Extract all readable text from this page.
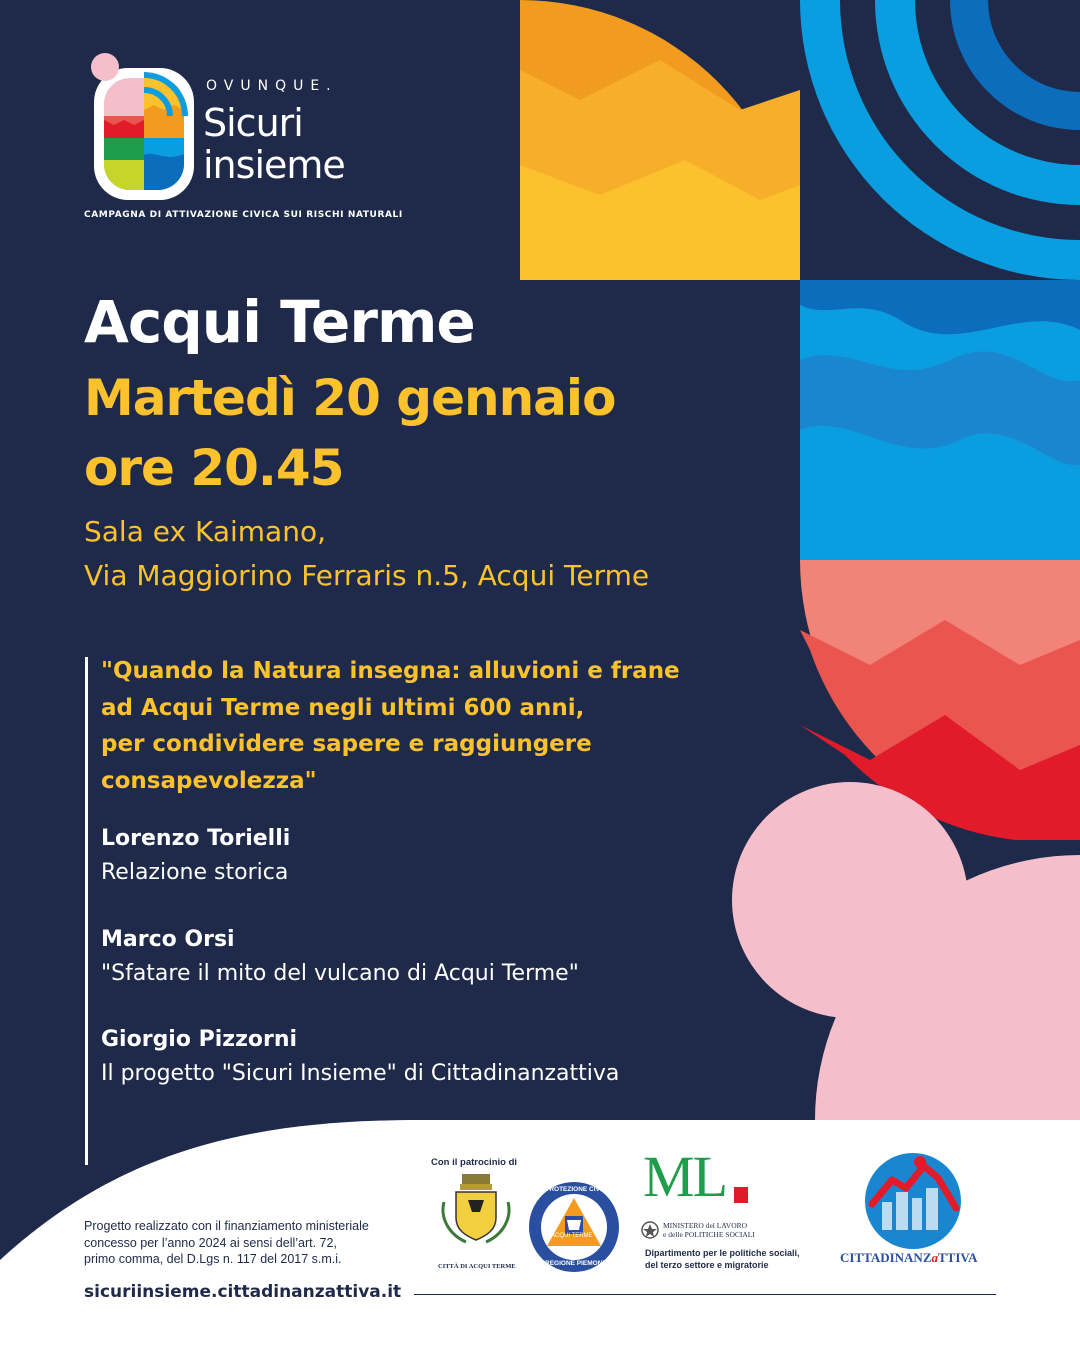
OVUNQUE.
Sicuri
insieme
CAMPAGNA DI ATTIVAZIONE CIVICA SUI RISCHI NATURALI
Acqui Terme
Martedì 20 gennaio
ore 20.45
Sala ex Kaimano,
Via Maggiorino Ferraris n.5, Acqui Terme
"Quando la Natura insegna: alluvioni e frane
ad Acqui Terme negli ultimi 600 anni,
per condividere sapere e raggiungere
consapevolezza"
Lorenzo Torielli
Relazione storica
Marco Orsi
"Sfatare il mito del vulcano di Acqui Terme"
Giorgio Pizzorni
Il progetto "Sicuri Insieme" di Cittadinanzattiva
Progetto realizzato con il finanziamento ministeriale
concesso per l’anno 2024 ai sensi dell’art. 72,
primo comma, del D.Lgs n. 117 del 2017 s.m.i.
sicuriinsieme.cittadinanzattiva.it
Con il patrocinio di
CITTÀ DI ACQUI TERME
PROTEZIONE CIVILE
ACQUI TERME
REGIONE PIEMONTE
ML
MINISTERO del LAVORO
e delle POLITICHE SOCIALI
Dipartimento per le politiche sociali,
del terzo settore e migratorie	CITTADINANZaTTIVA
